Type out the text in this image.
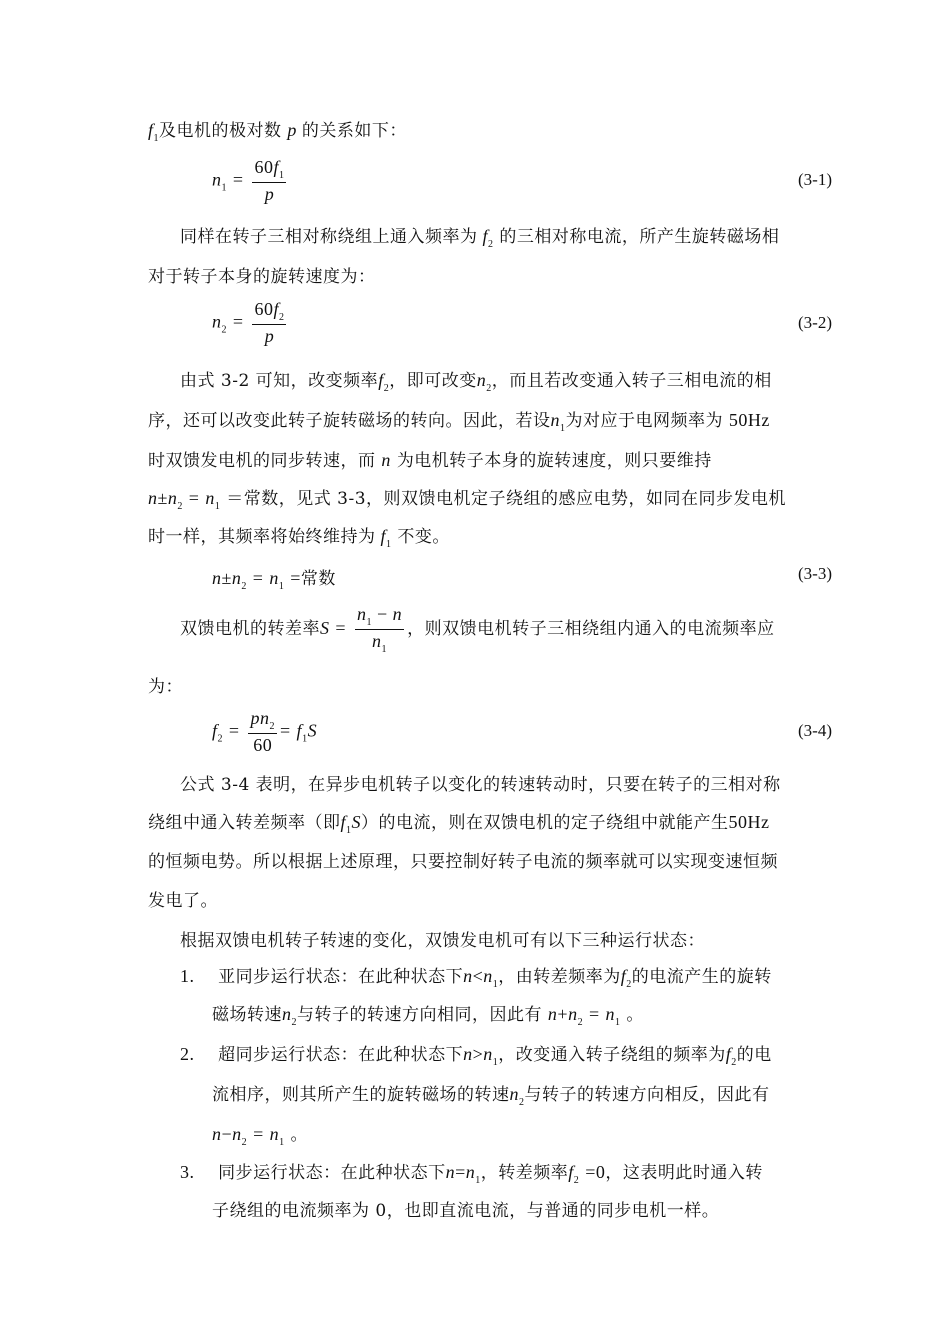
$f_1$及电机的极对数 p 的关系如下：
$n_1 = \frac{60f_1}{p}$	(3-1)
同样在转子三相对称绕组上通入频率为 $f_2$ 的三相对称电流，所产生旋转磁场相
对于转子本身的旋转速度为：
$n_2 = \frac{60f_2}{p}$	(3-2)
由式 3-2 可知，改变频率$f_2$，即可改变$n_2$，而且若改变通入转子三相电流的相
序，还可以改变此转子旋转磁场的转向。因此，若设$n_1$为对应于电网频率为 50Hz
时双馈发电机的同步转速，而 n 为电机转子本身的旋转速度，则只要维持
$n\pm n_2 = n_1$ ＝常数，见式 3-3，则双馈电机定子绕组的感应电势，如同在同步发电机
时一样，其频率将始终维持为 $f_1$ 不变。
$n\pm n_2 = n_1$ =常数	(3-3)
双馈电机的转差率$S = \frac{n_1 - n}{n_1}$ ，则双馈电机转子三相绕组内通入的电流频率应
为：
$f_2 = \frac{pn_2}{60} = f_1S$	(3-4)
公式 3-4 表明，在异步电机转子以变化的转速转动时，只要在转子的三相对称
绕组中通入转差频率（即$f_1S$）的电流，则在双馈电机的定子绕组中就能产生50Hz
的恒频电势。所以根据上述原理，只要控制好转子电流的频率就可以实现变速恒频
发电了。
根据双馈电机转子转速的变化，双馈发电机可有以下三种运行状态：
1. 亚同步运行状态：在此种状态下$n<n_1$，由转差频率为$f_2$的电流产生的旋转
磁场转速$n_2$与转子的转速方向相同，因此有 $n+n_2 = n_1$ 。
2. 超同步运行状态：在此种状态下$n>n_1$，改变通入转子绕组的频率为$f_2$的电
流相序，则其所产生的旋转磁场的转速$n_2$与转子的转速方向相反，因此有
$n-n_2 = n_1$ 。
3. 同步运行状态：在此种状态下$n=n_1$，转差频率$f_2 =0$，这表明此时通入转
子绕组的电流频率为 0，也即直流电流，与普通的同步电机一样。
